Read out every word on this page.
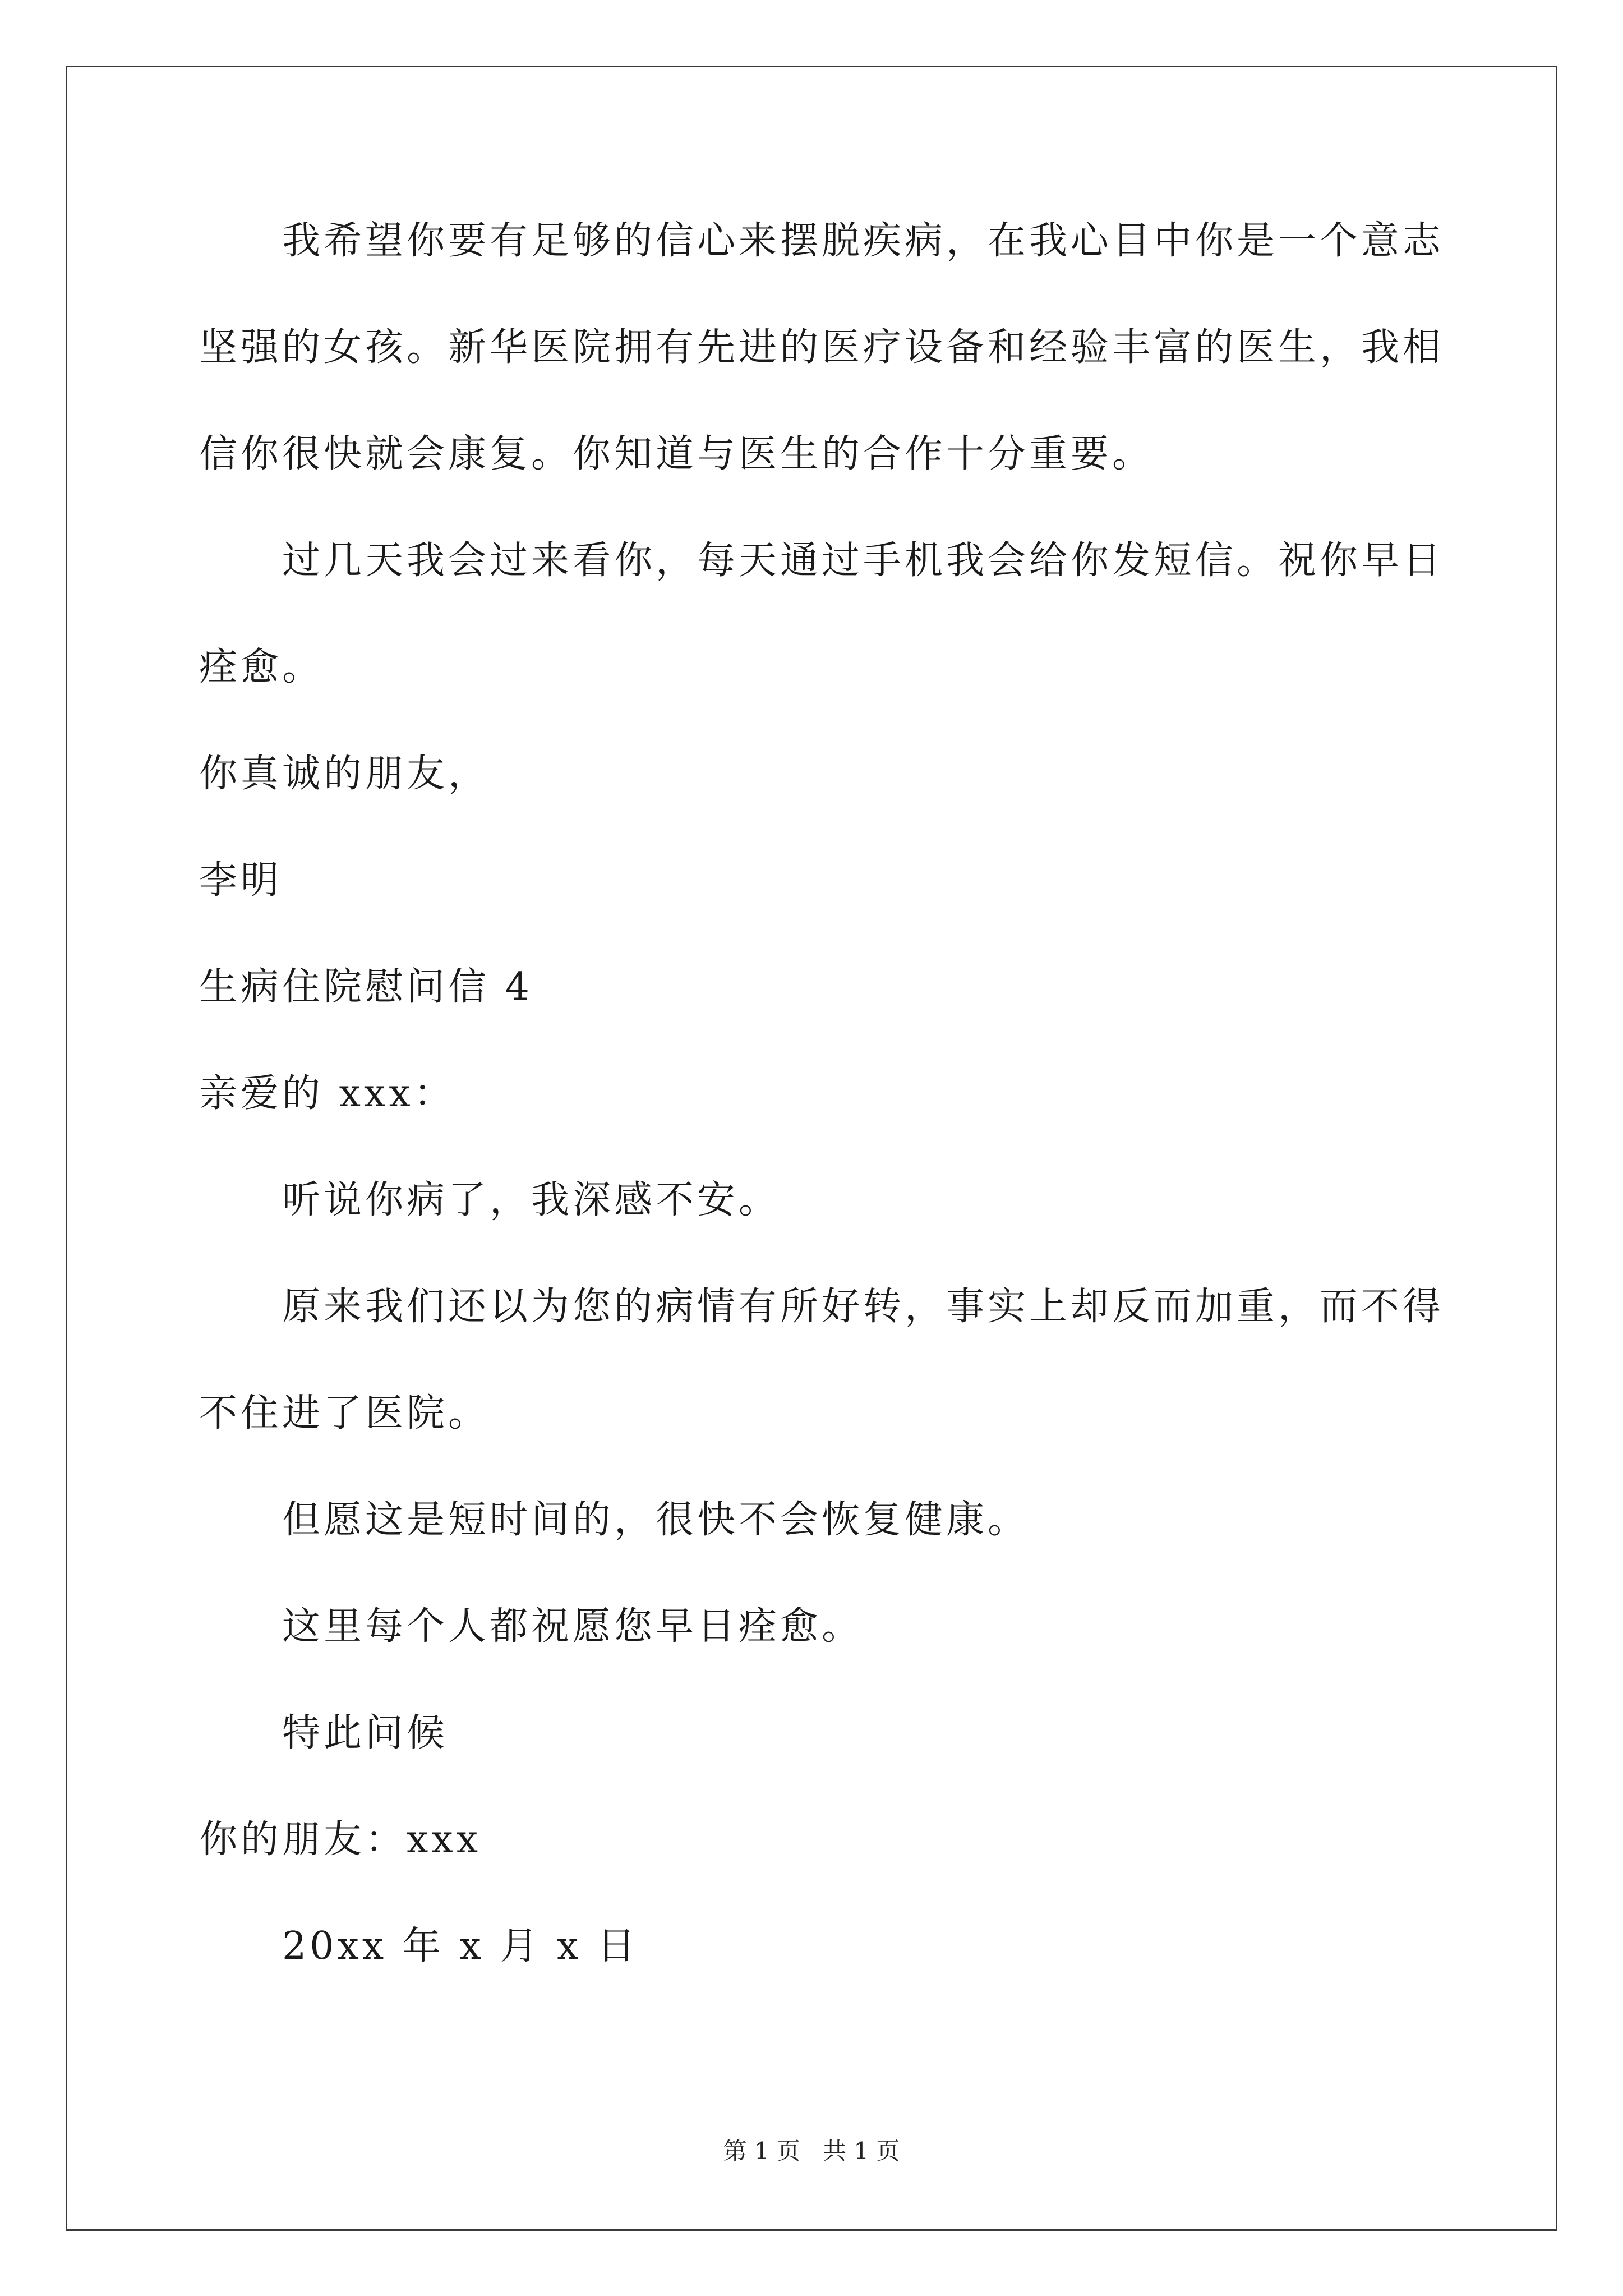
我希望你要有足够的信心来摆脱疾病，在我心目中你是一个意志
坚强的女孩。新华医院拥有先进的医疗设备和经验丰富的医生，我相
信你很快就会康复。你知道与医生的合作十分重要。
过几天我会过来看你，每天通过手机我会给你发短信。祝你早日
痊愈。
你真诚的朋友，
李明
生病住院慰问信 4
亲爱的 xxx：
听说你病了，我深感不安。
原来我们还以为您的病情有所好转，事实上却反而加重，而不得
不住进了医院。
但愿这是短时间的，很快不会恢复健康。
这里每个人都祝愿您早日痊愈。
特此问候
你的朋友：xxx
20xx 年 x 月 x 日
第 1 页 共 1 页
